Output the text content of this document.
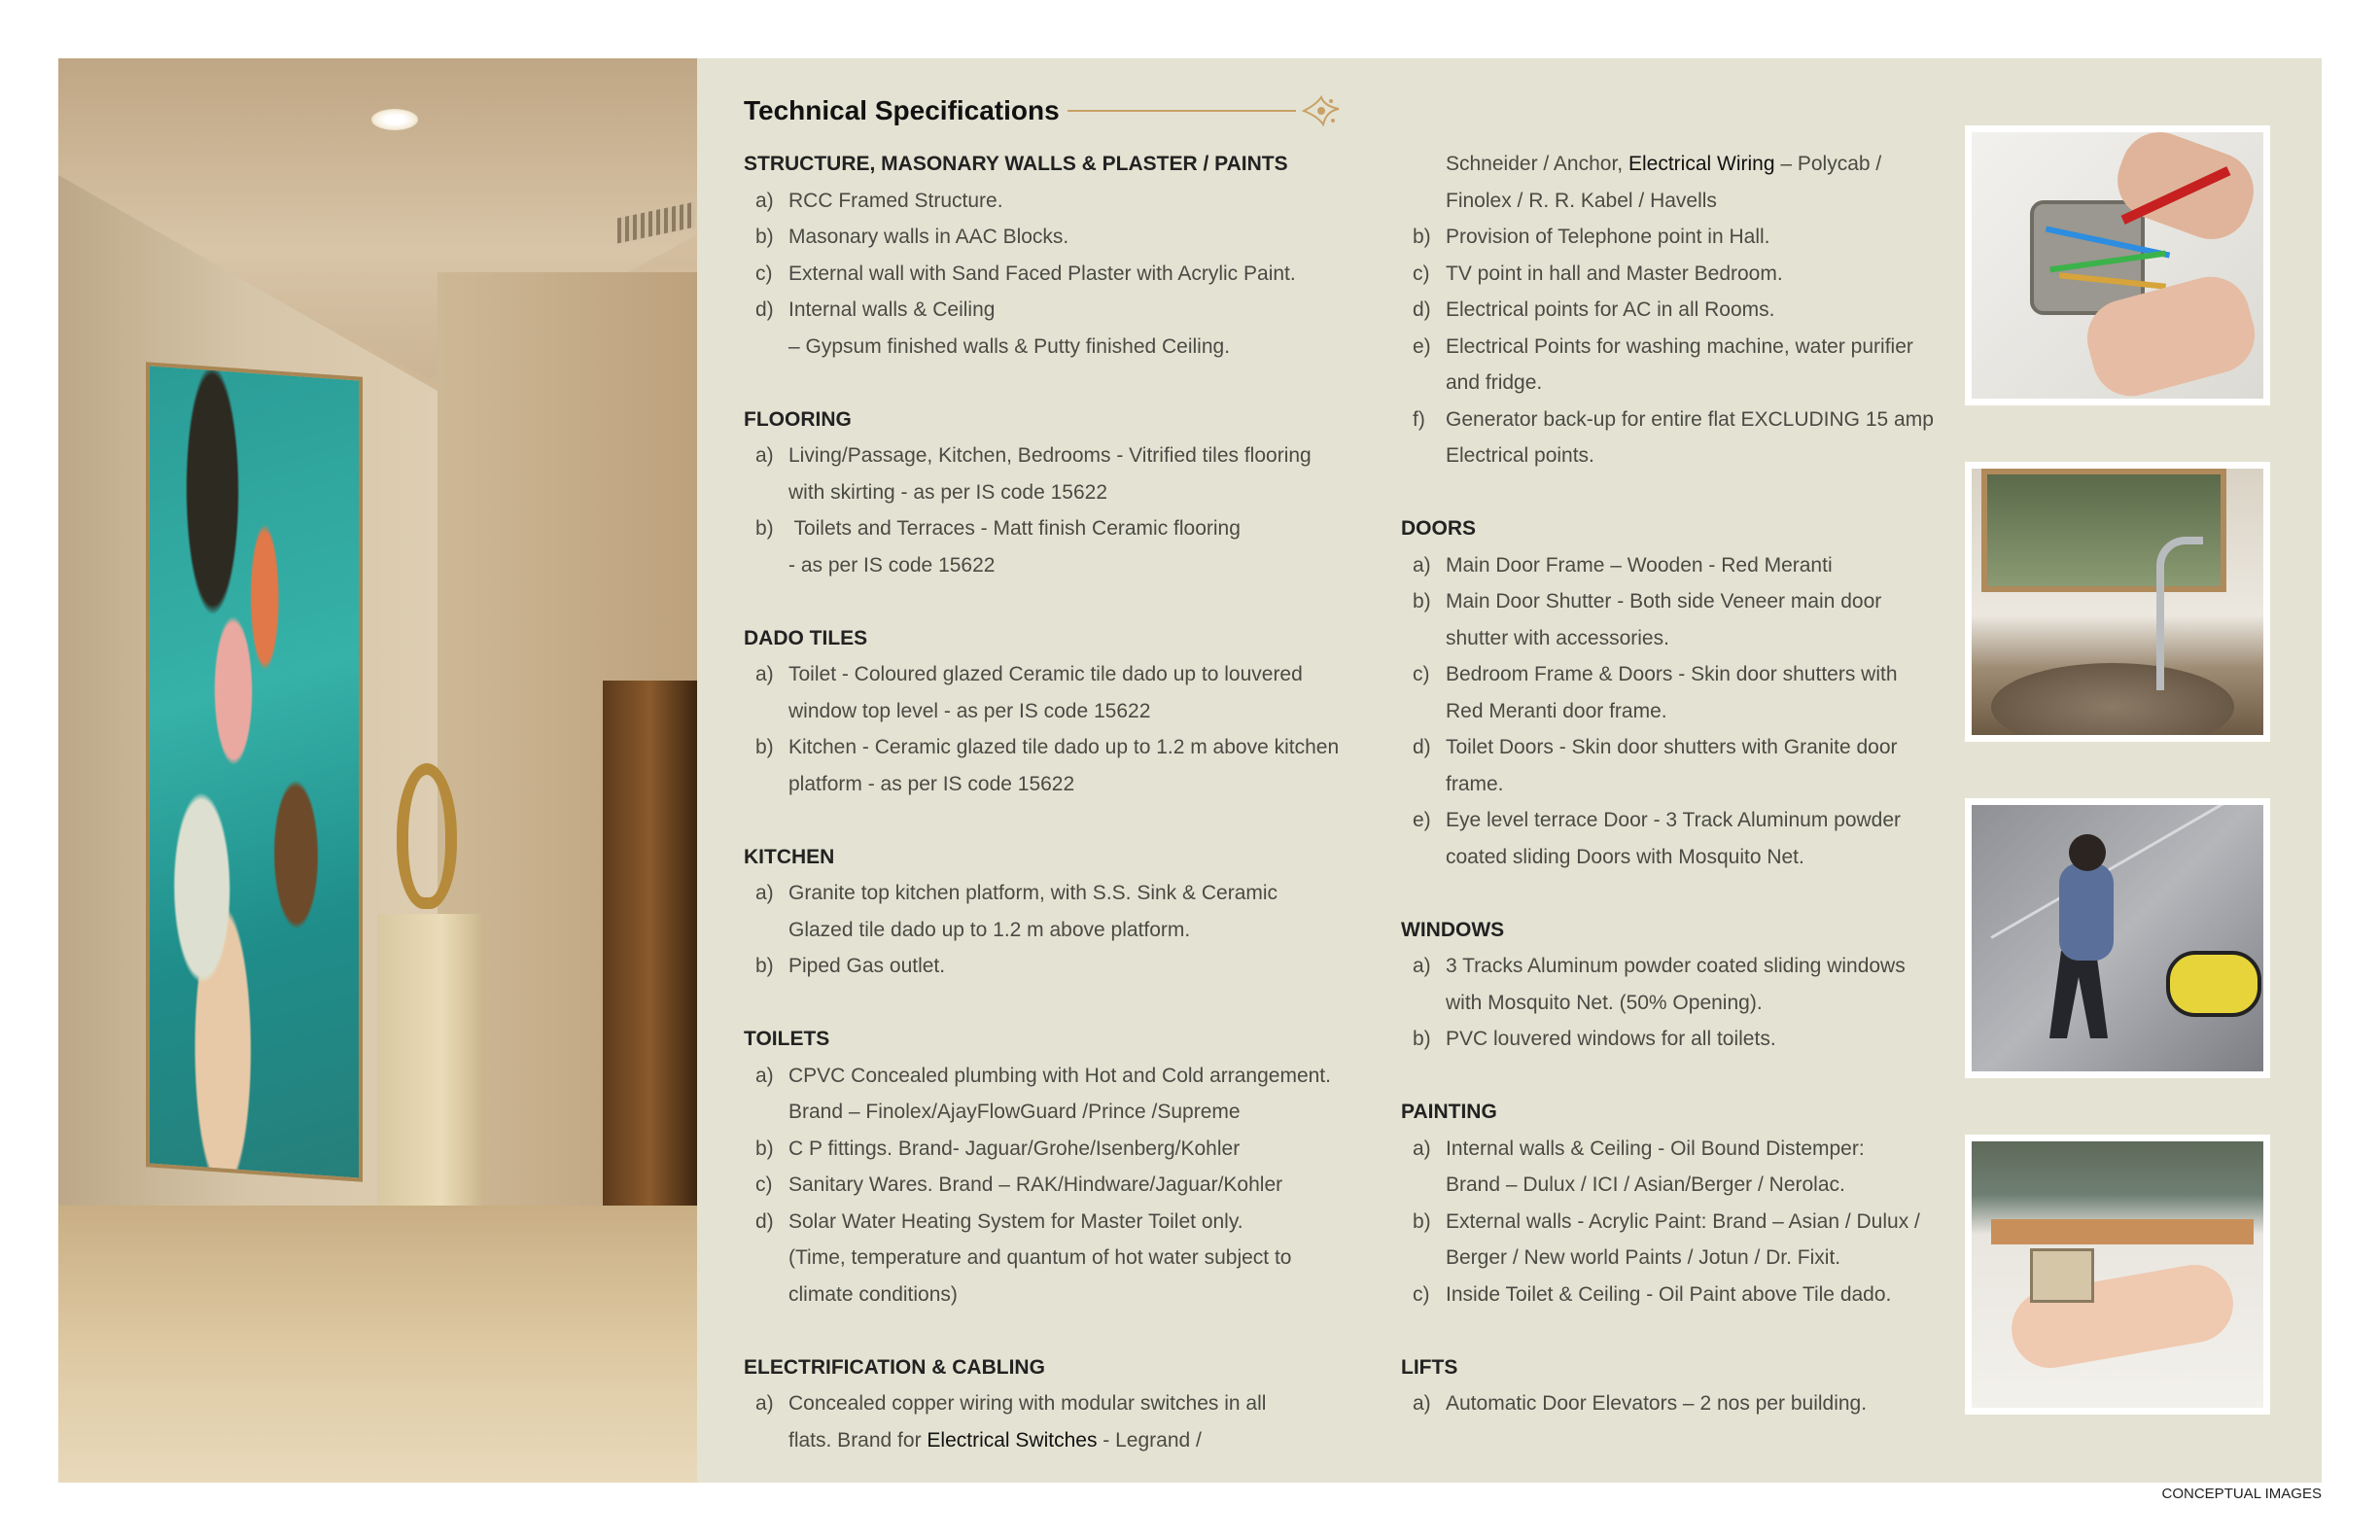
Technical Specifications
STRUCTURE, MASONARY WALLS & PLASTER / PAINTS
a) RCC Framed Structure.
b) Masonary walls in AAC Blocks.
c) External wall with Sand Faced Plaster with Acrylic Paint.
d) Internal walls & Ceiling
– Gypsum finished walls & Putty finished Ceiling.
FLOORING
a) Living/Passage, Kitchen, Bedrooms - Vitrified tiles flooring
with skirting - as per IS code 15622
b) Toilets and Terraces - Matt finish Ceramic flooring
- as per IS code 15622
DADO TILES
a) Toilet - Coloured glazed Ceramic tile dado up to louvered
window top level - as per IS code 15622
b) Kitchen - Ceramic glazed tile dado up to 1.2 m above kitchen
platform - as per IS code 15622
KITCHEN
a) Granite top kitchen platform, with S.S. Sink & Ceramic
Glazed tile dado up to 1.2 m above platform.
b) Piped Gas outlet.
TOILETS
a) CPVC Concealed plumbing with Hot and Cold arrangement.
Brand – Finolex/AjayFlowGuard /Prince /Supreme
b) C P fittings. Brand- Jaguar/Grohe/Isenberg/Kohler
c) Sanitary Wares. Brand – RAK/Hindware/Jaguar/Kohler
d) Solar Water Heating System for Master Toilet only.
(Time, temperature and quantum of hot water subject to
climate conditions)
ELECTRIFICATION & CABLING
a) Concealed copper wiring with modular switches in all
flats. Brand for Electrical Switches - Legrand /
Schneider / Anchor, Electrical Wiring – Polycab /
Finolex / R. R. Kabel / Havells
b) Provision of Telephone point in Hall.
c) TV point in hall and Master Bedroom.
d) Electrical points for AC in all Rooms.
e) Electrical Points for washing machine, water purifier
and fridge.
f)	Generator back-up for entire flat EXCLUDING 15 amp
Electrical points.
DOORS
a) Main Door Frame – Wooden - Red Meranti
b) Main Door Shutter - Both side Veneer main door
shutter with accessories.
c) Bedroom Frame & Doors - Skin door shutters with
Red Meranti door frame.
d) Toilet Doors - Skin door shutters with Granite door
frame.
e) Eye level terrace Door - 3 Track Aluminum powder
coated sliding Doors with Mosquito Net.
WINDOWS
a) 3 Tracks Aluminum powder coated sliding windows
with Mosquito Net. (50% Opening).
b) PVC louvered windows for all toilets.
PAINTING
a) Internal walls & Ceiling - Oil Bound Distemper:
Brand – Dulux / ICI / Asian/Berger / Nerolac.
b) External walls - Acrylic Paint: Brand – Asian / Dulux /
Berger / New world Paints / Jotun / Dr. Fixit.
c) Inside Toilet & Ceiling - Oil Paint above Tile dado.
LIFTS
a) Automatic Door Elevators – 2 nos per building.
CONCEPTUAL IMAGES
